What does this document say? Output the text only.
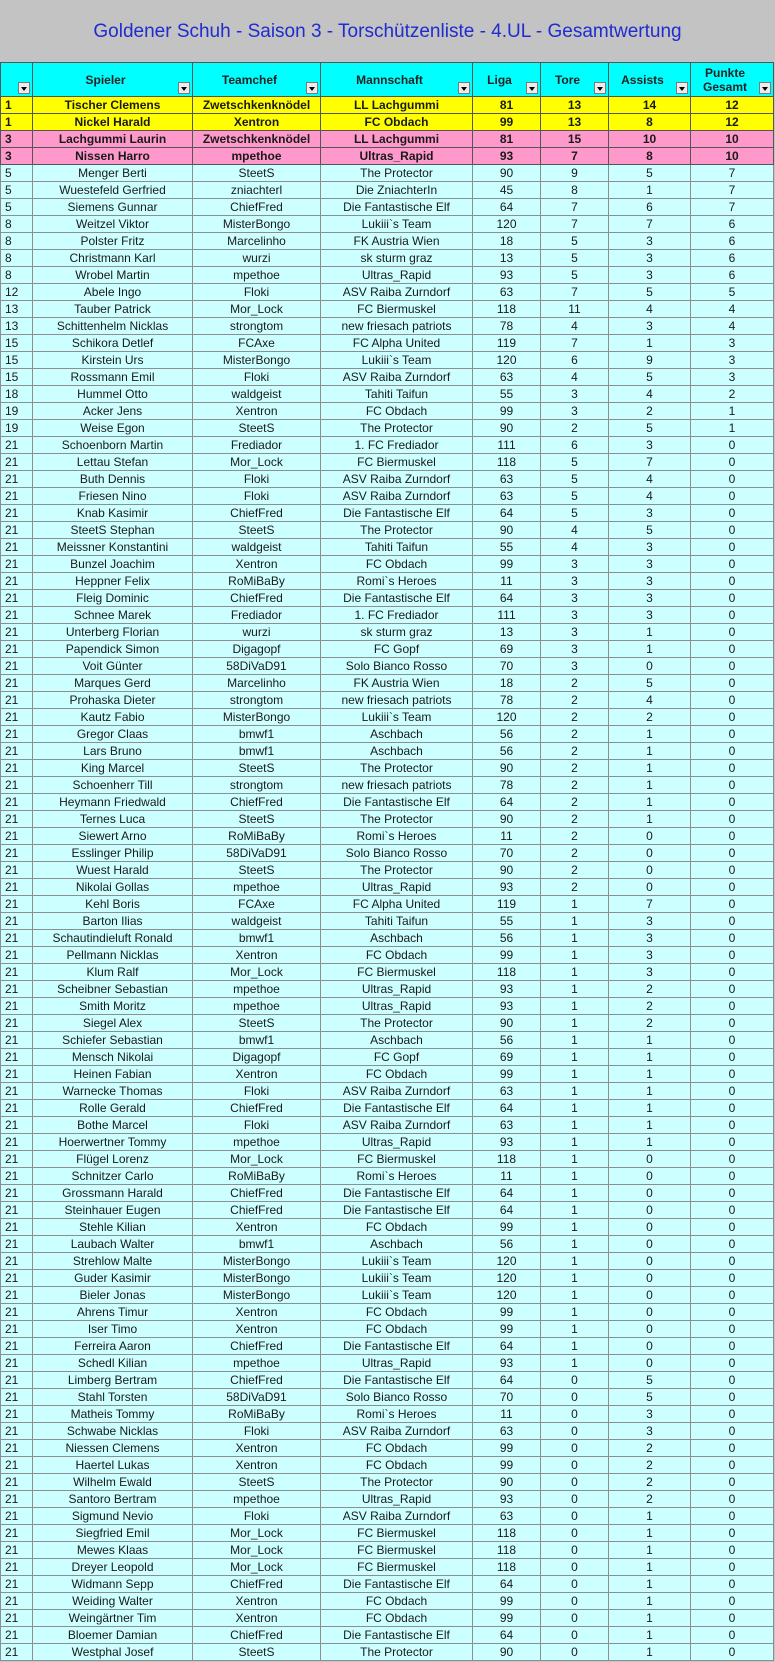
Goldener Schuh - Saison 3 - Torschützenliste - 4.UL - Gesamtwertung

	Spieler	Teamchef	Mannschaft	Liga	Tore	Assists	Punkte Gesamt

1	Tischer Clemens	Zwetschkenknödel	LL Lachgummi	81	13	14	12
1	Nickel Harald	Xentron	FC Obdach	99	13	8	12
3	Lachgummi Laurin	Zwetschkenknödel	LL Lachgummi	81	15	10	10
3	Nissen Harro	mpethoe	Ultras_Rapid	93	7	8	10
5	Menger Berti	SteetS	The Protector	90	9	5	7
5	Wuestefeld Gerfried	zniachterl	Die ZniachterIn	45	8	1	7
5	Siemens Gunnar	ChiefFred	Die Fantastische Elf	64	7	6	7
8	Weitzel Viktor	MisterBongo	Lukiii`s Team	120	7	7	6
8	Polster Fritz	Marcelinho	FK Austria Wien	18	5	3	6
8	Christmann Karl	wurzi	sk sturm graz	13	5	3	6
8	Wrobel Martin	mpethoe	Ultras_Rapid	93	5	3	6
12	Abele Ingo	Floki	ASV Raiba Zurndorf	63	7	5	5
13	Tauber Patrick	Mor_Lock	FC Biermuskel	118	11	4	4
13	Schittenhelm Nicklas	strongtom	new friesach patriots	78	4	3	4
15	Schikora Detlef	FCAxe	FC Alpha United	119	7	1	3
15	Kirstein Urs	MisterBongo	Lukiii`s Team	120	6	9	3
15	Rossmann Emil	Floki	ASV Raiba Zurndorf	63	4	5	3
18	Hummel Otto	waldgeist	Tahiti Taifun	55	3	4	2
19	Acker Jens	Xentron	FC Obdach	99	3	2	1
19	Weise Egon	SteetS	The Protector	90	2	5	1
21	Schoenborn Martin	Frediador	1. FC Frediador	111	6	3	0
21	Lettau Stefan	Mor_Lock	FC Biermuskel	118	5	7	0
21	Buth Dennis	Floki	ASV Raiba Zurndorf	63	5	4	0
21	Friesen Nino	Floki	ASV Raiba Zurndorf	63	5	4	0
21	Knab Kasimir	ChiefFred	Die Fantastische Elf	64	5	3	0
21	SteetS Stephan	SteetS	The Protector	90	4	5	0
21	Meissner Konstantini	waldgeist	Tahiti Taifun	55	4	3	0
21	Bunzel Joachim	Xentron	FC Obdach	99	3	3	0
21	Heppner Felix	RoMiBaBy	Romi`s Heroes	11	3	3	0
21	Fleig Dominic	ChiefFred	Die Fantastische Elf	64	3	3	0
21	Schnee Marek	Frediador	1. FC Frediador	111	3	3	0
21	Unterberg Florian	wurzi	sk sturm graz	13	3	1	0
21	Papendick Simon	Digagopf	FC Gopf	69	3	1	0
21	Voit Günter	58DiVaD91	Solo Bianco Rosso	70	3	0	0
21	Marques Gerd	Marcelinho	FK Austria Wien	18	2	5	0
21	Prohaska Dieter	strongtom	new friesach patriots	78	2	4	0
21	Kautz Fabio	MisterBongo	Lukiii`s Team	120	2	2	0
21	Gregor Claas	bmwf1	Aschbach	56	2	1	0
21	Lars Bruno	bmwf1	Aschbach	56	2	1	0
21	King Marcel	SteetS	The Protector	90	2	1	0
21	Schoenherr Till	strongtom	new friesach patriots	78	2	1	0
21	Heymann Friedwald	ChiefFred	Die Fantastische Elf	64	2	1	0
21	Ternes Luca	SteetS	The Protector	90	2	1	0
21	Siewert Arno	RoMiBaBy	Romi`s Heroes	11	2	0	0
21	Esslinger Philip	58DiVaD91	Solo Bianco Rosso	70	2	0	0
21	Wuest Harald	SteetS	The Protector	90	2	0	0
21	Nikolai Gollas	mpethoe	Ultras_Rapid	93	2	0	0
21	Kehl Boris	FCAxe	FC Alpha United	119	1	7	0
21	Barton Ilias	waldgeist	Tahiti Taifun	55	1	3	0
21	Schautindieluft Ronald	bmwf1	Aschbach	56	1	3	0
21	Pellmann Nicklas	Xentron	FC Obdach	99	1	3	0
21	Klum Ralf	Mor_Lock	FC Biermuskel	118	1	3	0
21	Scheibner Sebastian	mpethoe	Ultras_Rapid	93	1	2	0
21	Smith Moritz	mpethoe	Ultras_Rapid	93	1	2	0
21	Siegel Alex	SteetS	The Protector	90	1	2	0
21	Schiefer Sebastian	bmwf1	Aschbach	56	1	1	0
21	Mensch Nikolai	Digagopf	FC Gopf	69	1	1	0
21	Heinen Fabian	Xentron	FC Obdach	99	1	1	0
21	Warnecke Thomas	Floki	ASV Raiba Zurndorf	63	1	1	0
21	Rolle Gerald	ChiefFred	Die Fantastische Elf	64	1	1	0
21	Bothe Marcel	Floki	ASV Raiba Zurndorf	63	1	1	0
21	Hoerwertner Tommy	mpethoe	Ultras_Rapid	93	1	1	0
21	Flügel Lorenz	Mor_Lock	FC Biermuskel	118	1	0	0
21	Schnitzer Carlo	RoMiBaBy	Romi`s Heroes	11	1	0	0
21	Grossmann Harald	ChiefFred	Die Fantastische Elf	64	1	0	0
21	Steinhauer Eugen	ChiefFred	Die Fantastische Elf	64	1	0	0
21	Stehle Kilian	Xentron	FC Obdach	99	1	0	0
21	Laubach Walter	bmwf1	Aschbach	56	1	0	0
21	Strehlow Malte	MisterBongo	Lukiii`s Team	120	1	0	0
21	Guder Kasimir	MisterBongo	Lukiii`s Team	120	1	0	0
21	Bieler Jonas	MisterBongo	Lukiii`s Team	120	1	0	0
21	Ahrens Timur	Xentron	FC Obdach	99	1	0	0
21	Iser Timo	Xentron	FC Obdach	99	1	0	0
21	Ferreira Aaron	ChiefFred	Die Fantastische Elf	64	1	0	0
21	Schedl Kilian	mpethoe	Ultras_Rapid	93	1	0	0
21	Limberg Bertram	ChiefFred	Die Fantastische Elf	64	0	5	0
21	Stahl Torsten	58DiVaD91	Solo Bianco Rosso	70	0	5	0
21	Matheis Tommy	RoMiBaBy	Romi`s Heroes	11	0	3	0
21	Schwabe Nicklas	Floki	ASV Raiba Zurndorf	63	0	3	0
21	Niessen Clemens	Xentron	FC Obdach	99	0	2	0
21	Haertel Lukas	Xentron	FC Obdach	99	0	2	0
21	Wilhelm Ewald	SteetS	The Protector	90	0	2	0
21	Santoro Bertram	mpethoe	Ultras_Rapid	93	0	2	0
21	Sigmund Nevio	Floki	ASV Raiba Zurndorf	63	0	1	0
21	Siegfried Emil	Mor_Lock	FC Biermuskel	118	0	1	0
21	Mewes Klaas	Mor_Lock	FC Biermuskel	118	0	1	0
21	Dreyer Leopold	Mor_Lock	FC Biermuskel	118	0	1	0
21	Widmann Sepp	ChiefFred	Die Fantastische Elf	64	0	1	0
21	Weiding Walter	Xentron	FC Obdach	99	0	1	0
21	Weingärtner Tim	Xentron	FC Obdach	99	0	1	0
21	Bloemer Damian	ChiefFred	Die Fantastische Elf	64	0	1	0
21	Westphal Josef	SteetS	The Protector	90	0	1	0
